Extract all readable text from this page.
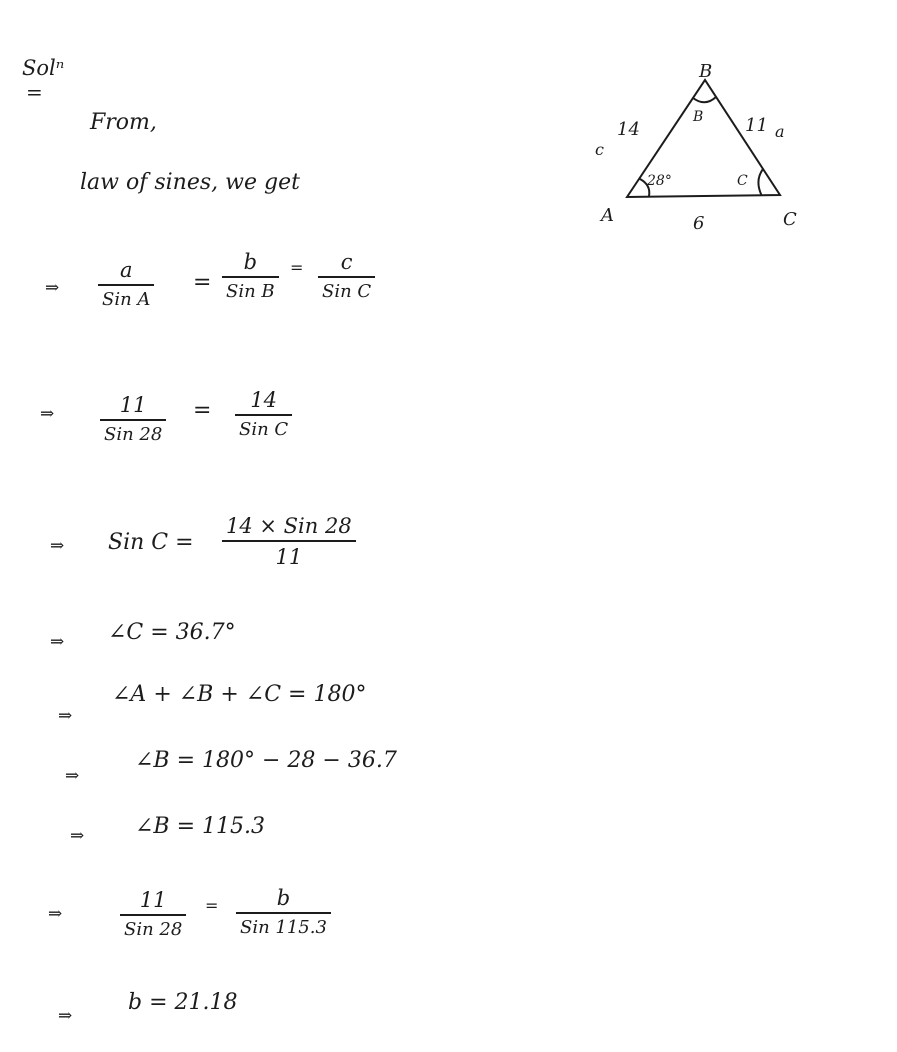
Solⁿ
=
From,
law of sines, we get
A
B
C
28°
B
C
14
c
11 a
6
⇒
a
Sin A
=
b
Sin B
= c
Sin C
⇒	11
Sin 28
= 14
Sin C
⇒ Sin C =
14 × Sin 28
11
⇒ ∠C = 36.7°
⇒
∠A + ∠B + ∠C = 180°
⇒
∠B = 180° − 28 − 36.7
⇒ ∠B = 115.3
⇒
11
Sin 28
=	b
Sin 115.3
⇒
b = 21.18
